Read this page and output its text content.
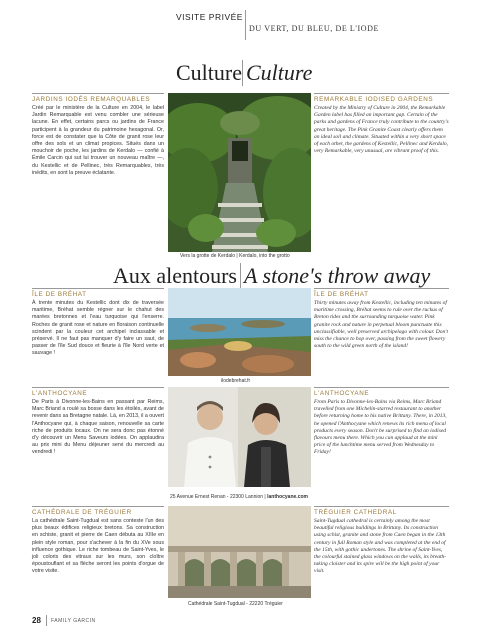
VISITE PRIVÉE
DU VERT, DU BLEU, DE L'IODE
Culture Culture
JARDINS IODÉS REMARQUABLES
Créé par le ministère de la Culture en 2004, le label Jardin Remarquable est venu combler une sérieuse lacune. En effet, certains parcs ou jardins de France participent à la grandeur du patrimoine hexagonal. Or, force est de constater que la Côte de granit rose leur offre des sols et un climat propices. Situés dans un mouchoir de poche, les jardins de Kerdalo — confié à Émile Carcin qui sut lui trouver un nouveau maître —, du Kestellic et de Pellinec, très Remarquables, très inédits, en sont la preuve éclatante.
REMARKABLE IODISED GARDENS
Created by the Ministry of Culture in 2004, the Remarkable Garden label has filled an important gap. Certain of the parks and gardens of France truly contribute to the country's great heritage. The Pink Granite Coast clearly offers them an ideal soil and climate. Situated within a very short space of each other, the gardens of Kestellic, Pellinec and Kerdalo, very Remarkable, very unusual, are vibrant proof of this.
Vers la grotte de Kerdalo | Kerdalo, into the grotto
Aux alentours A stone's throw away
ÎLE DE BRÉHAT
À trente minutes du Kestellic dont dix de traversée maritime, Bréhat semble régner sur le chahut des marées bretonnes et l'eau turquoise qui l'enserre. Roches de granit rose et nature en floraison continuelle scindent par la couleur cet archipel inclassable et préservé. Il ne faut pas manquer d'y faire un saut, de passer de l'île Sud douce et fleurie à l'île Nord verte et sauvage !
ÎLE DE BRÉHAT
Thirty minutes away from Kestellic, including ten minutes of maritime crossing, Bréhat seems to rule over the ruckus of Breton tides and the surrounding turquoise water. Pink granite rock and nature in perpetual bloom punctuate this unclassifiable, well preserved archipelago with colour. Don't miss the chance to hop over, passing from the sweet flowery south to the wild green north of the island!
ilodebrehat.fr
L'ANTHOCYANE
De Paris à Divonne-les-Bains en passant par Reims, Marc Briand a roulé sa bosse dans les étoilés, avant de revenir dans sa Bretagne natale. Là, en 2013, il a ouvert l'Anthocyane qui, à chaque saison, renouvelle sa carte riche de produits locaux. On ne sera donc pas étonné d'y découvrir un Menu Saveurs iodées. On applaudira au prix mini du Menu déjeuner servi du mercredi au vendredi !
L'ANTHOCYANE
From Paris to Divonne-les-Bains via Reims, Marc Briand travelled from one Michelin-starred restaurant to another before returning home to his native Brittany. There, in 2013, he opened l'Anthocyane which renews its rich menu of local products every season. Don't be surprised to find an iodised flavours menu there. Which you can applaud at the mini price of the lunchtime menu served from Wednesday to Friday!
25 Avenue Ernest Renan - 22300 Lannion | lanthocyane.com
CATHÉDRALE DE TRÉGUIER
La cathédrale Saint-Tugdual est sans conteste l'un des plus beaux édifices religieux bretons. Sa construction en schiste, granit et pierre de Caen débuta au XIIIe en plein style roman, pour s'achever à la fin du XVe sous influence gothique. Le riche tombeau de Saint-Yves, le joli coloris des vitraux sur les murs, son cloître époustouflant et sa flèche seront les points d'orgue de votre visite.
TRÉGUIER CATHEDRAL
Saint-Tugdual cathedral is certainly among the most beautiful religious buildings in Brittany. Its construction using schist, granite and stone from Caen began in the 13th century in full Roman style and was completed at the end of the 15th, with gothic undertones. The shrine of Saint-Yves, the colourful stained glass windows on the walls, its breath-taking cloister and its spire will be the high point of your visit.
Cathédrale Saint-Tugdual - 22220 Tréguier
28 FAMILY GARCIN
